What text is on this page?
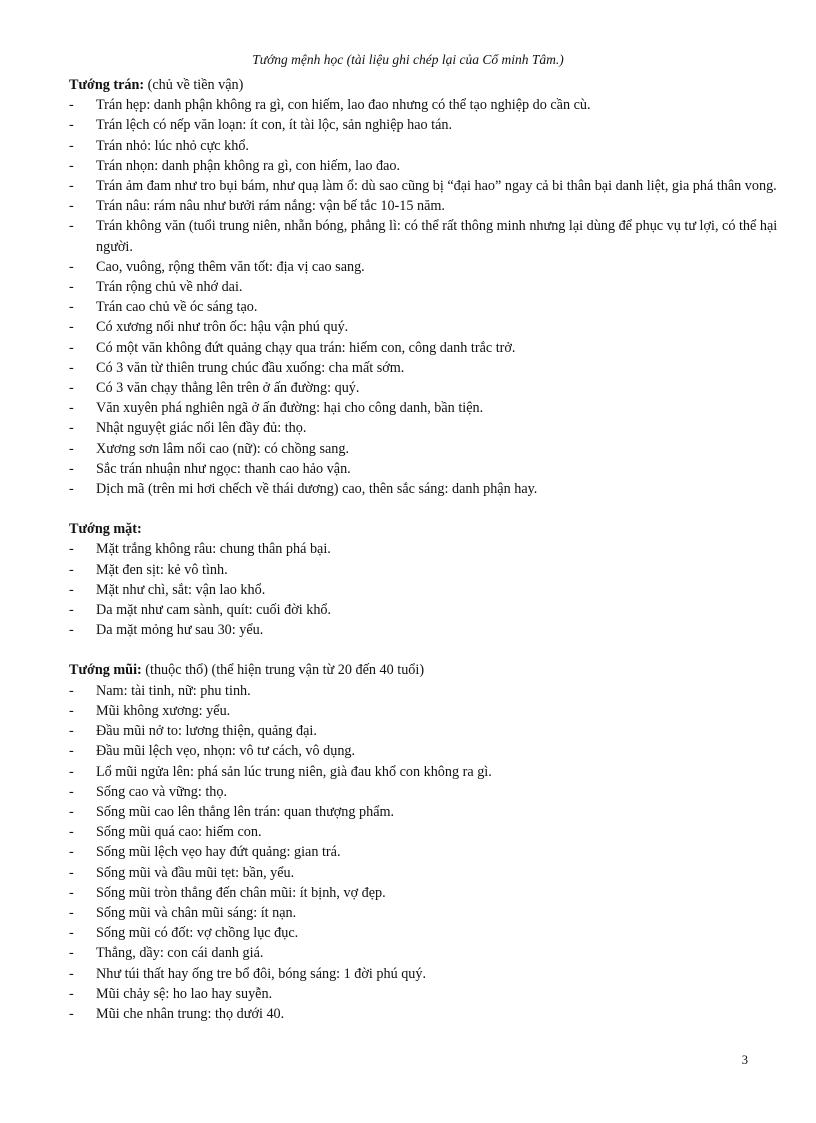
Tướng mệnh học (tài liệu ghi chép lại của Cổ minh Tâm.)
Tướng trán: (chủ về tiền vận)
- Trán hẹp: danh phận không ra gì, con hiếm, lao đao nhưng có thể tạo nghiệp do cần cù.
- Trán lệch có nếp văn loạn: ít con, ít tài lộc, sản nghiệp hao tán.
- Trán nhỏ: lúc nhỏ cực khổ.
- Trán nhọn: danh phận không ra gì, con hiếm, lao đao.
- Trán ảm đam như tro bụi bám, như quạ làm ổ: dù sao cũng bị “đại hao” ngay cả bi thân bại danh liệt, gia phá thân vong.
- Trán nâu: rám nâu như bưởi rám nắng: vận bế tắc 10-15 năm.
- Trán không văn (tuổi trung niên, nhẵn bóng, phẳng lì: có thể rất thông minh nhưng lại dùng để phục vụ tư lợi, có thể hại người.
- Cao, vuông, rộng thêm văn tốt: địa vị cao sang.
- Trán rộng chủ về nhớ dai.
- Trán cao chủ về óc sáng tạo.
- Có xương nổi như trôn ốc: hậu vận phú quý.
- Có một văn không đứt quảng chạy qua trán: hiếm con, công danh trắc trở.
- Có 3 văn từ thiên trung chúc đầu xuống: cha mất sớm.
- Có 3 văn chạy thẳng lên trên ở ấn đường: quý.
- Văn xuyên phá nghiên ngã ở ấn đường: hại cho công danh, bần tiện.
- Nhật nguyệt giác nổi lên đầy đủ: thọ.
- Xương sơn lâm nổi cao (nữ): có chồng sang.
- Sắc trán nhuận như ngọc: thanh cao hảo vận.
- Dịch mã (trên mi hơi chếch về thái dương) cao, thên sắc sáng: danh phận hay.
Tướng mặt:
- Mặt trắng không râu: chung thân phá bại.
- Mặt đen sịt: kẻ vô tình.
- Mặt như chì, sắt: vận lao khổ.
- Da mặt như cam sành, quít: cuối đời khổ.
- Da mặt mỏng hư sau 30: yểu.
Tướng mũi: (thuộc thổ) (thể hiện trung vận từ 20 đến 40 tuổi)
- Nam: tài tinh, nữ: phu tinh.
- Mũi không xương: yểu.
- Đầu mũi nở to: lương thiện, quảng đại.
- Đầu mũi lệch vẹo, nhọn: vô tư cách, vô dụng.
- Lổ mũi ngửa lên: phá sản lúc trung niên, già đau khổ con không ra gì.
- Sống cao và vững: thọ.
- Sống mũi cao lên thẳng lên trán: quan thượng phẩm.
- Sống mũi quá cao: hiếm con.
- Sống mũi lệch vẹo hay đứt quảng: gian trá.
- Sống mũi và đầu mũi tẹt: bần, yểu.
- Sống mũi tròn thẳng đến chân mũi: ít bịnh, vợ đẹp.
- Sống mũi và chân mũi sáng: ít nạn.
- Sống mũi có đốt: vợ chồng lục đục.
- Thẳng, dầy: con cái danh giá.
- Như túi thất hay ống tre bổ đôi, bóng sáng: 1 đời phú quý.
- Mũi chảy sệ: ho lao hay suyễn.
- Mũi che nhân trung: thọ dưới 40.
3
